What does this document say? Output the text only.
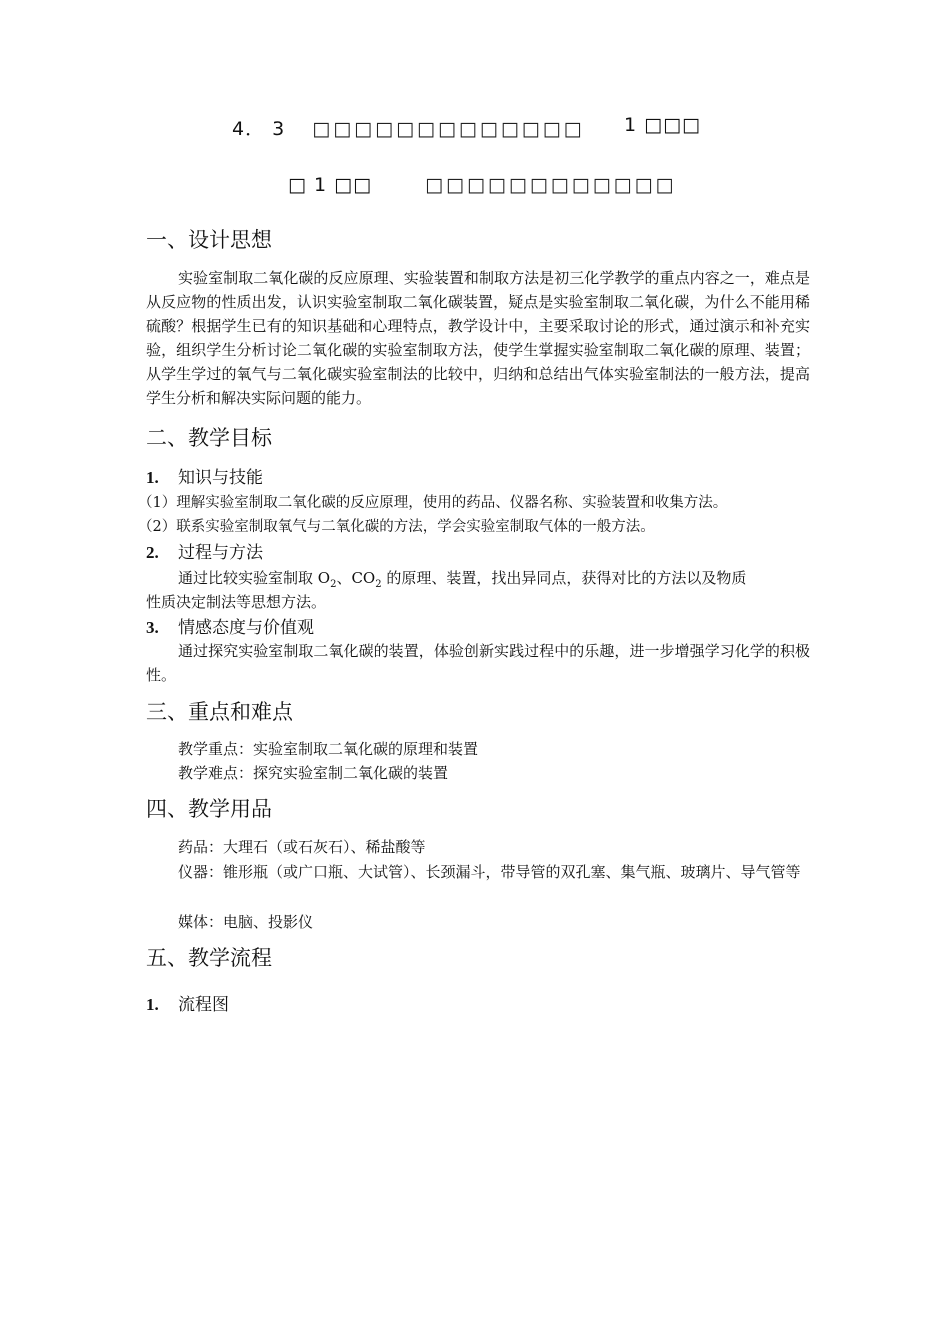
4． 3 □□□□□□□□□□□□□ 1 □□□
□ 1 □□	□□□□□□□□□□□□
一、设计思想
实验室制取二氧化碳的反应原理、实验装置和制取方法是初三化学教学的重点内容之一，难点是从反应物的性质出发，认识实验室制取二氧化碳装置，疑点是实验室制取二氧化碳，为什么不能用稀硫酸？根据学生已有的知识基础和心理特点，教学设计中，主要采取讨论的形式，通过演示和补充实验，组织学生分析讨论二氧化碳的实验室制取方法，使学生掌握实验室制取二氧化碳的原理、装置；从学生学过的氧气与二氧化碳实验室制法的比较中，归纳和总结出气体实验室制法的一般方法，提高学生分析和解决实际问题的能力。
二、教学目标
1. 知识与技能
（1）理解实验室制取二氧化碳的反应原理，使用的药品、仪器名称、实验装置和收集方法。
（2）联系实验室制取氧气与二氧化碳的方法，学会实验室制取气体的一般方法。
2. 过程与方法
通过比较实验室制取 $O_2$、$CO_2$ 的原理、装置，找出异同点，获得对比的方法以及物质
性质决定制法等思想方法。
3. 情感态度与价值观
通过探究实验室制取二氧化碳的装置，体验创新实践过程中的乐趣，进一步增强学习化学的积极性。
三、重点和难点
教学重点：实验室制取二氧化碳的原理和装置
教学难点：探究实验室制二氧化碳的装置
四、教学用品
药品：大理石（或石灰石）、稀盐酸等
仪器：锥形瓶（或广口瓶、大试管）、长颈漏斗，带导管的双孔塞、集气瓶、玻璃片、导气管等
媒体：电脑、投影仪
五、教学流程
1. 流程图
